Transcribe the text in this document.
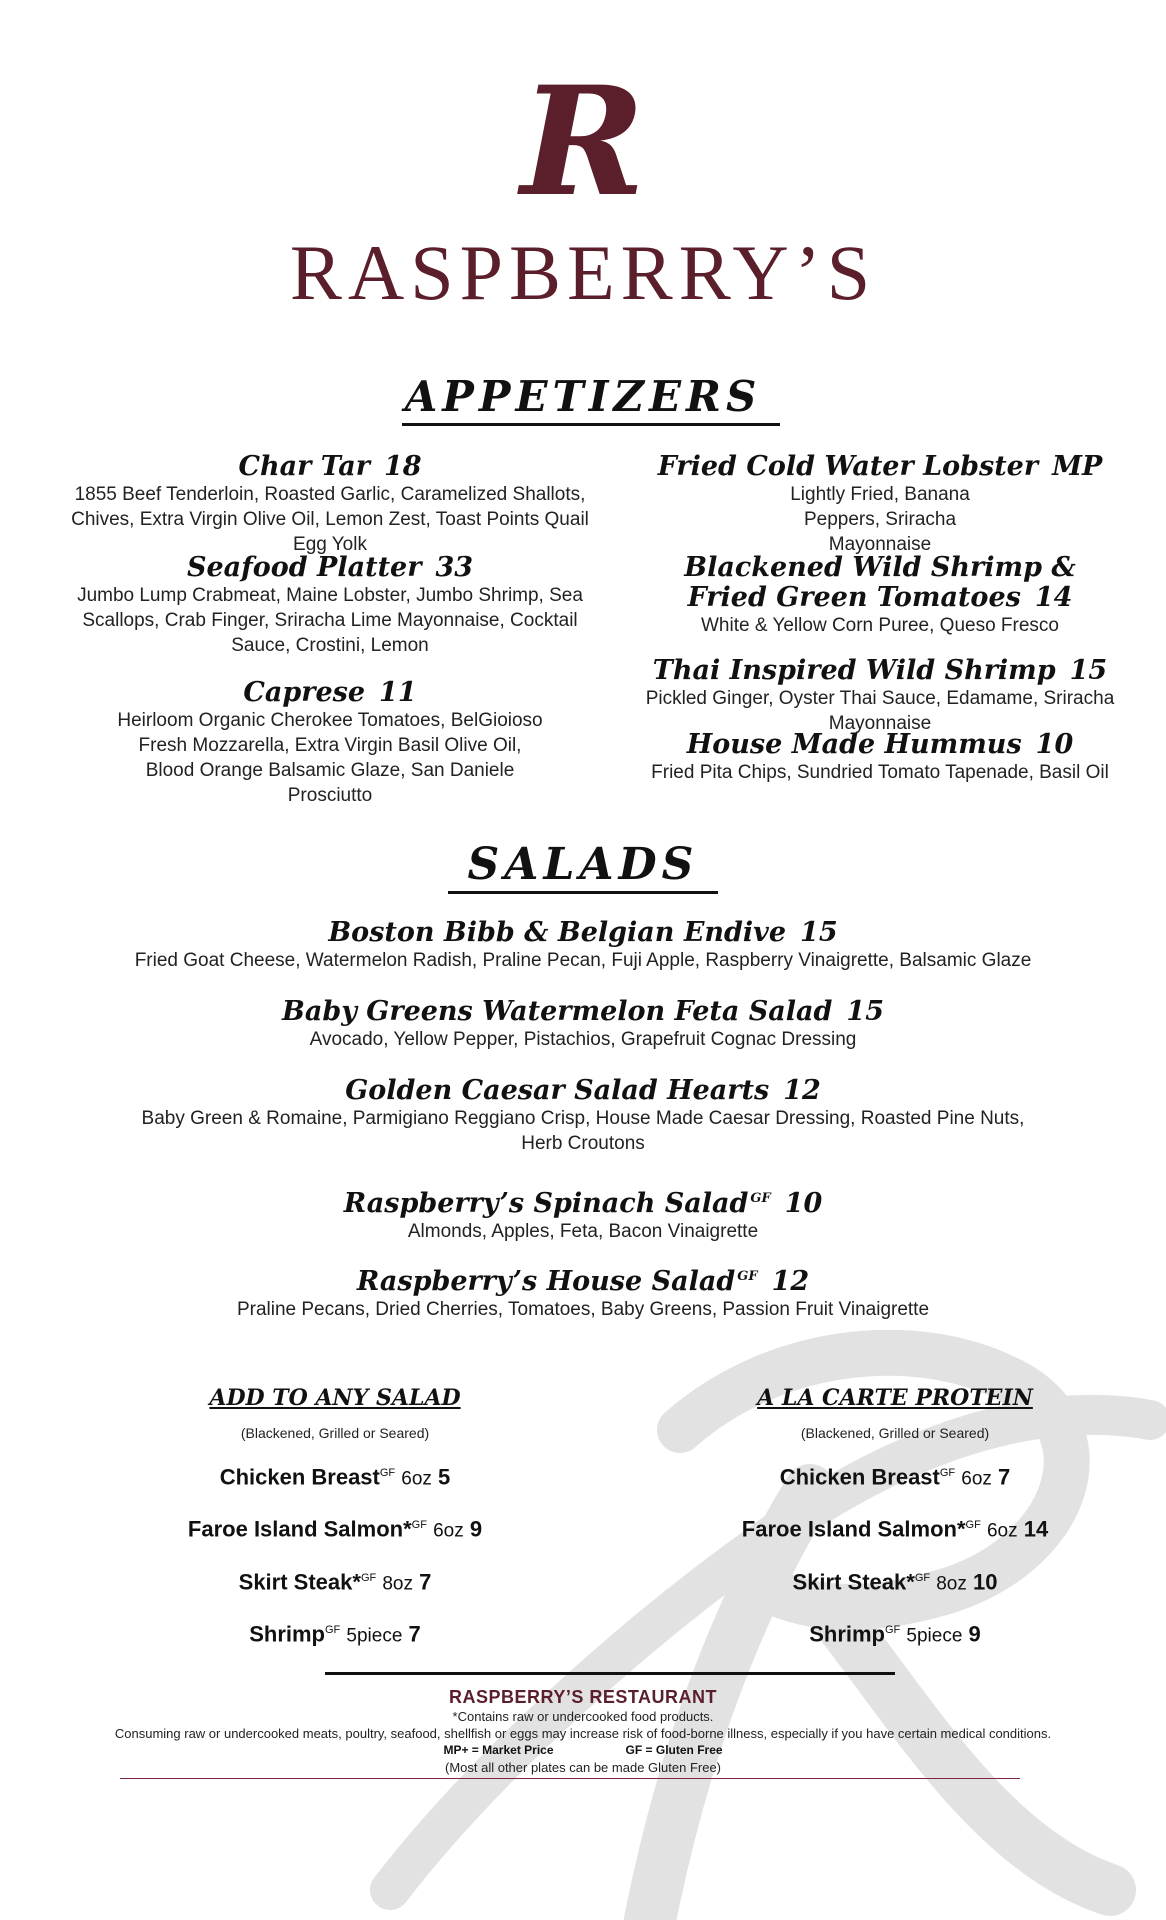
R
RASPBERRY’S
APPETIZERS
Char Tar 18
1855 Beef Tenderloin, Roasted Garlic, Caramelized Shallots, Chives, Extra Virgin Olive Oil, Lemon Zest, Toast Points Quail Egg Yolk
Seafood Platter 33
Jumbo Lump Crabmeat, Maine Lobster, Jumbo Shrimp, Sea Scallops, Crab Finger, Sriracha Lime Mayonnaise, Cocktail Sauce, Crostini, Lemon
Caprese 11
Heirloom Organic Cherokee Tomatoes, BelGioioso Fresh Mozzarella, Extra Virgin Basil Olive Oil, Blood Orange Balsamic Glaze, San Daniele Prosciutto
Fried Cold Water Lobster MP
Lightly Fried, Banana Peppers, Sriracha Mayonnaise
Blackened Wild Shrimp & Fried Green Tomatoes 14
White & Yellow Corn Puree, Queso Fresco
Thai Inspired Wild Shrimp 15
Pickled Ginger, Oyster Thai Sauce, Edamame, Sriracha Mayonnaise
House Made Hummus 10
Fried Pita Chips, Sundried Tomato Tapenade, Basil Oil
SALADS
Boston Bibb & Belgian Endive 15
Fried Goat Cheese, Watermelon Radish, Praline Pecan, Fuji Apple, Raspberry Vinaigrette, Balsamic Glaze
Baby Greens Watermelon Feta Salad 15
Avocado, Yellow Pepper, Pistachios, Grapefruit Cognac Dressing
Golden Caesar Salad Hearts 12
Baby Green & Romaine, Parmigiano Reggiano Crisp, House Made Caesar Dressing, Roasted Pine Nuts, Herb Croutons
Raspberry’s Spinach Salad $^{GF}$ 10
Almonds, Apples, Feta, Bacon Vinaigrette
Raspberry’s House Salad $^{GF}$ 12
Praline Pecans, Dried Cherries, Tomatoes, Baby Greens, Passion Fruit Vinaigrette
ADD TO ANY SALAD
(Blackened, Grilled or Seared)
Chicken Breast$^{GF}$ 6oz 5
Faroe Island Salmon*$^{GF}$ 6oz 9
Skirt Steak*$^{GF}$ 8oz 7
Shrimp$^{GF}$ 5piece 7
A LA CARTE PROTEIN
(Blackened, Grilled or Seared)
Chicken Breast$^{GF}$ 6oz 7
Faroe Island Salmon*$^{GF}$ 6oz 14
Skirt Steak*$^{GF}$ 8oz 10
Shrimp$^{GF}$ 5piece 9
RASPBERRY’S RESTAURANT
*Contains raw or undercooked food products.
Consuming raw or undercooked meats, poultry, seafood, shellfish or eggs may increase risk of food-borne illness, especially if you have certain medical conditions.
MP+ = Market Price	GF = Gluten Free
(Most all other plates can be made Gluten Free)
